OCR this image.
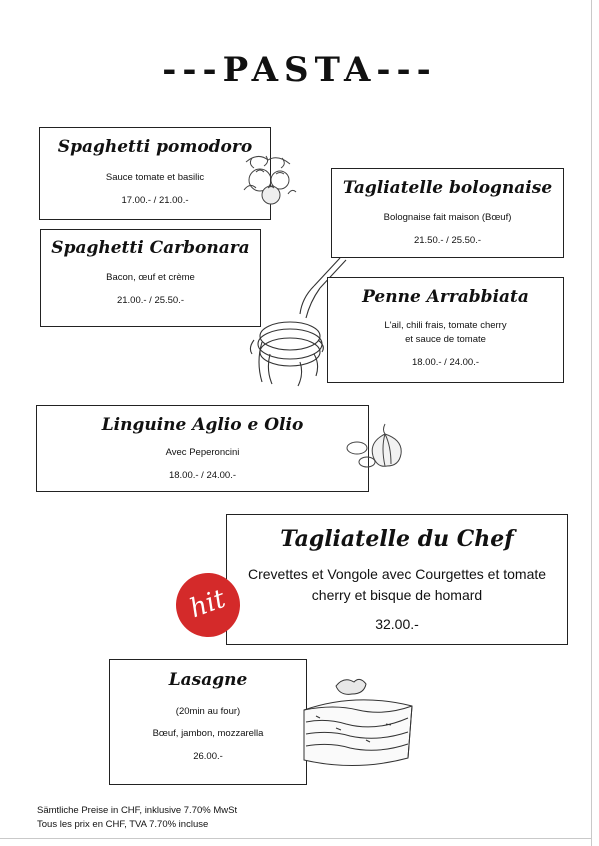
---PASTA---
Spaghetti pomodoro
Sauce tomate et basilic
17.00.- / 21.00.-
Tagliatelle bolognaise
Bolognaise fait maison (Bœuf)
21.50.- / 25.50.-
Spaghetti Carbonara
Bacon, œuf et crème
21.00.- / 25.50.-	Penne Arrabbiata
L'ail, chili frais, tomate cherry
et sauce de tomate
18.00.- / 24.00.-
Linguine Aglio e Olio
Avec Peperoncini
18.00.- / 24.00.-
Tagliatelle du Chef
Crevettes et Vongole avec Courgettes et tomate cherry et bisque de homard
32.00.-
hit
Lasagne
(20min au four)
Bœuf, jambon, mozzarella
26.00.-
Sämtliche Preise in CHF, inklusive 7.70% MwSt
Tous les prix en CHF, TVA 7.70% incluse
